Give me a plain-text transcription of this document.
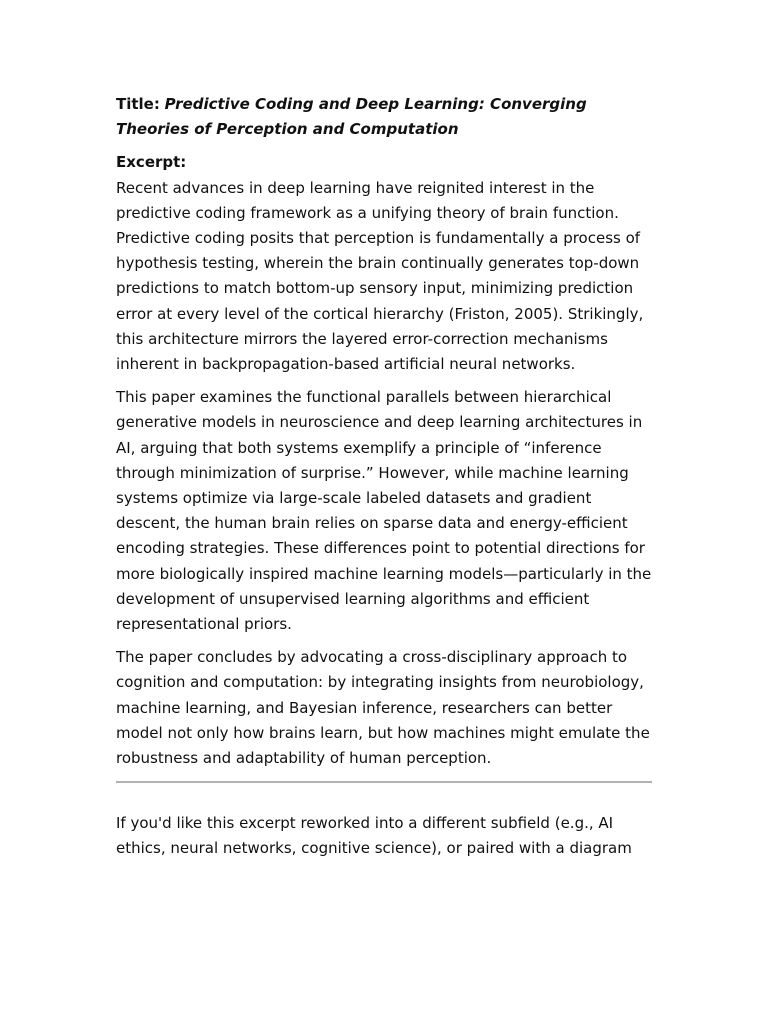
Title: Predictive Coding and Deep Learning: Converging Theories of Perception and Computation
Excerpt:

Recent advances in deep learning have reignited interest in the predictive coding framework as a unifying theory of brain function. Predictive coding posits that perception is fundamentally a process of hypothesis testing, wherein the brain continually generates top-down predictions to match bottom-up sensory input, minimizing prediction error at every level of the cortical hierarchy (Friston, 2005). Strikingly, this architecture mirrors the layered error-correction mechanisms inherent in backpropagation-based artificial neural networks.

This paper examines the functional parallels between hierarchical generative models in neuroscience and deep learning architectures in AI, arguing that both systems exemplify a principle of “inference through minimization of surprise.” However, while machine learning systems optimize via large-scale labeled datasets and gradient descent, the human brain relies on sparse data and energy-efficient encoding strategies. These differences point to potential directions for more biologically inspired machine learning models—particularly in the development of unsupervised learning algorithms and efficient representational priors.

The paper concludes by advocating a cross-disciplinary approach to cognition and computation: by integrating insights from neurobiology, machine learning, and Bayesian inference, researchers can better model not only how brains learn, but how machines might emulate the robustness and adaptability of human perception.

If you'd like this excerpt reworked into a different subfield (e.g., AI ethics, neural networks, cognitive science), or paired with a diagram
